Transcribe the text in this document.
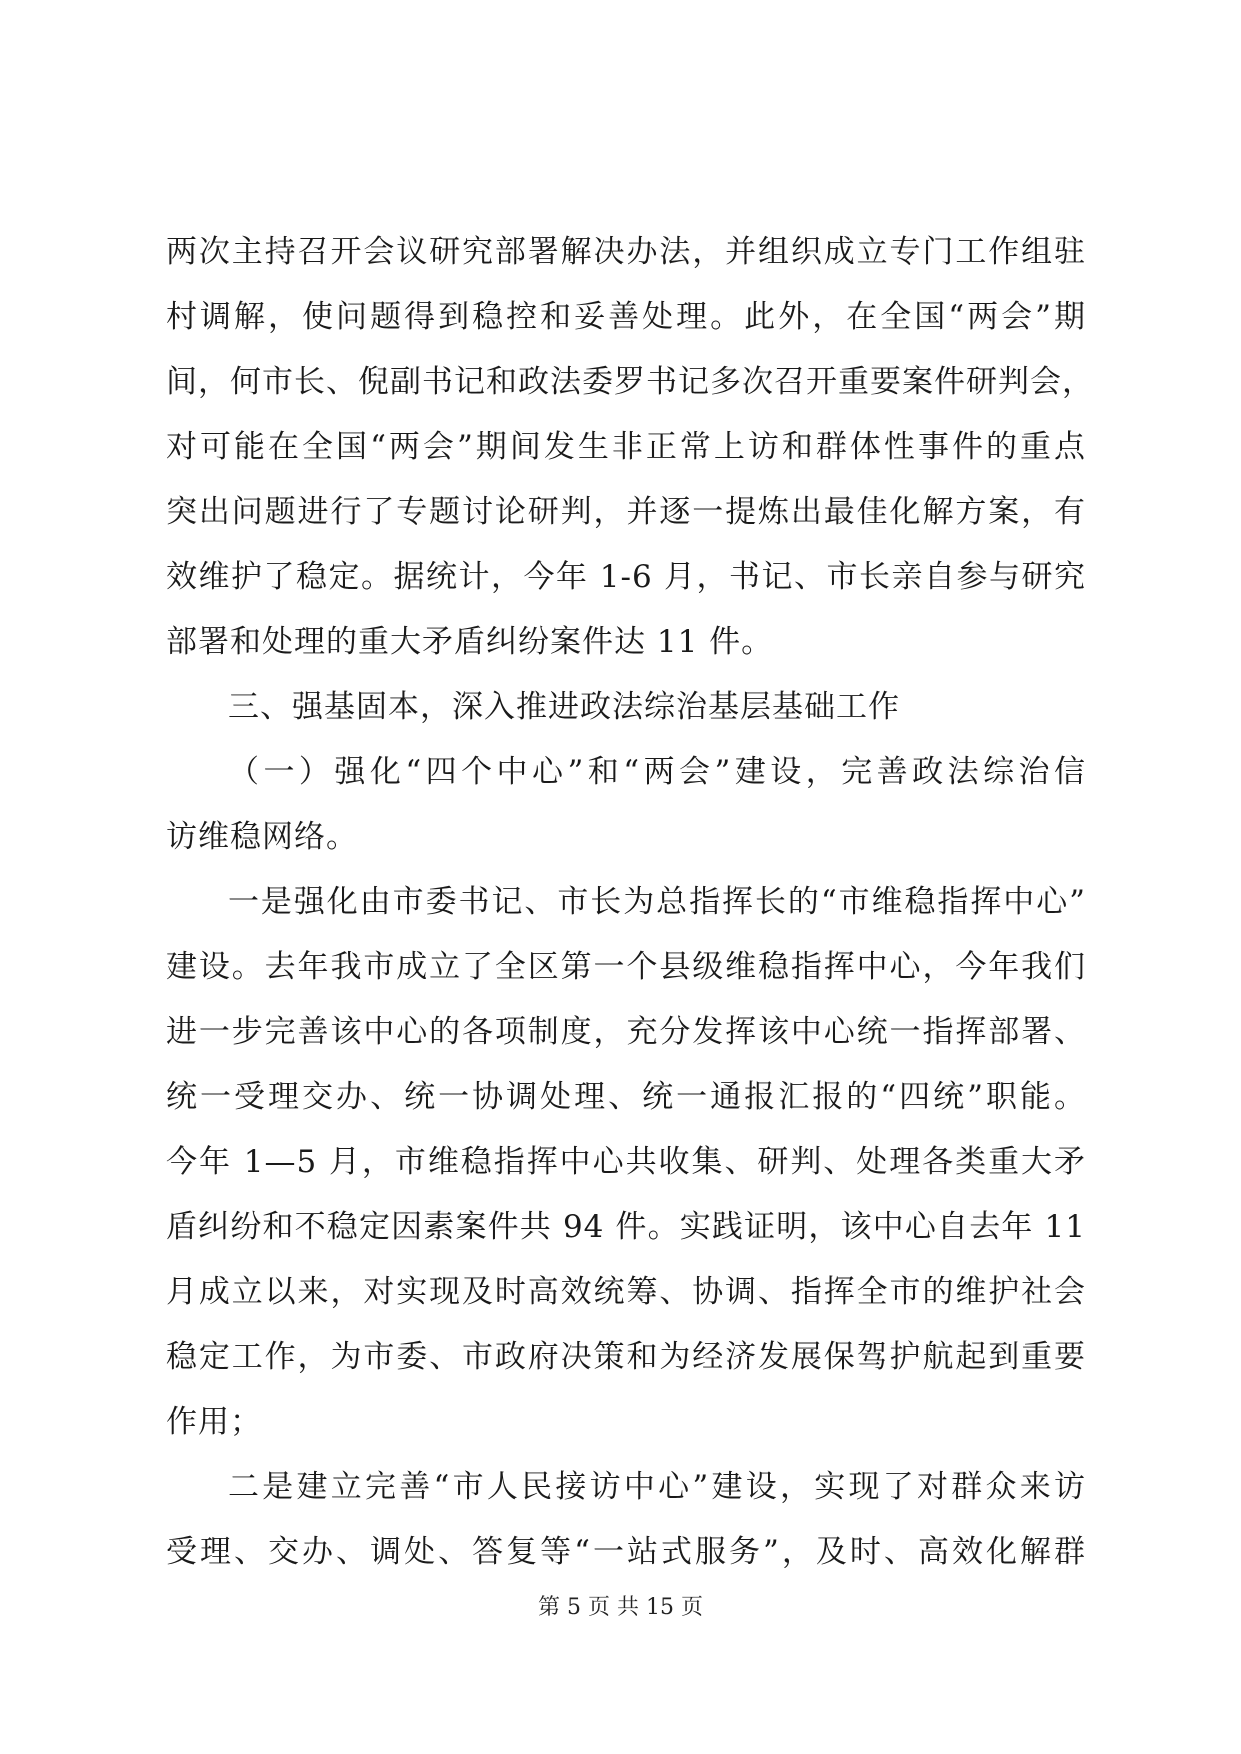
两次主持召开会议研究部署解决办法，并组织成立专门工作组驻
村调解，使问题得到稳控和妥善处理。此外，在全国“两会”期
间，何市长、倪副书记和政法委罗书记多次召开重要案件研判会，
对可能在全国“两会”期间发生非正常上访和群体性事件的重点
突出问题进行了专题讨论研判，并逐一提炼出最佳化解方案，有
效维护了稳定。据统计，今年 1-6 月，书记、市长亲自参与研究
部署和处理的重大矛盾纠纷案件达 11 件。
三、强基固本，深入推进政法综治基层基础工作
（一）强化“四个中心”和“两会”建设，完善政法综治信
访维稳网络。
一是强化由市委书记、市长为总指挥长的“市维稳指挥中心”
建设。去年我市成立了全区第一个县级维稳指挥中心，今年我们
进一步完善该中心的各项制度，充分发挥该中心统一指挥部署、
统一受理交办、统一协调处理、统一通报汇报的“四统”职能。
今年 1—5 月，市维稳指挥中心共收集、研判、处理各类重大矛
盾纠纷和不稳定因素案件共 94 件。实践证明，该中心自去年 11
月成立以来，对实现及时高效统筹、协调、指挥全市的维护社会
稳定工作，为市委、市政府决策和为经济发展保驾护航起到重要
作用；
二是建立完善“市人民接访中心”建设，实现了对群众来访
受理、交办、调处、答复等“一站式服务”，及时、高效化解群
第 5 页 共 15 页
